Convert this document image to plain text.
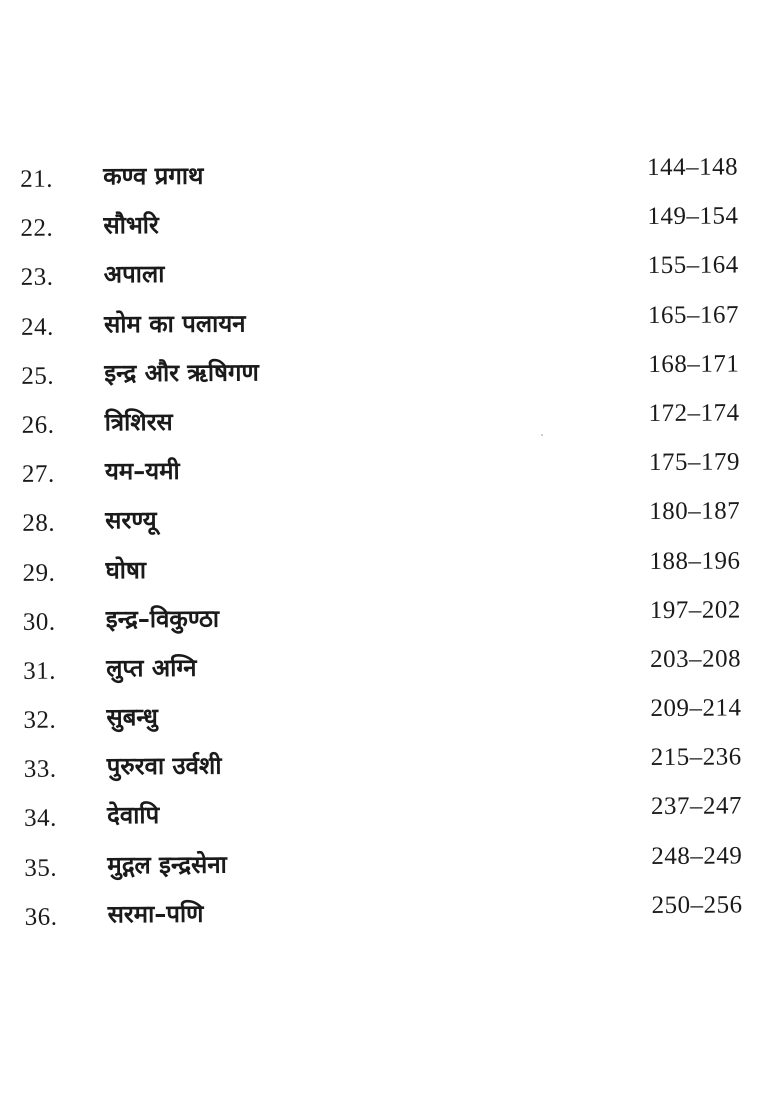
21. कण्व प्रगाथ	144–148
22. सौभरि	149–154
23. अपाला	155–164
24. सोम का पलायन	165–167
25. इन्द्र और ऋषिगण	168–171
26. त्रिशिरस	172–174
27. यम–यमी	175–179
28. सरण्यू	180–187
29. घोषा	188–196
30. इन्द्र–विकुण्ठा	197–202
31. लुप्त अग्नि	203–208
32. सुबन्धु	209–214
33. पुरुरवा उर्वशी	215–236
34. देवापि	237–247
35. मुद्गल इन्द्रसेना	248–249
36. सरमा–पणि	250–256
